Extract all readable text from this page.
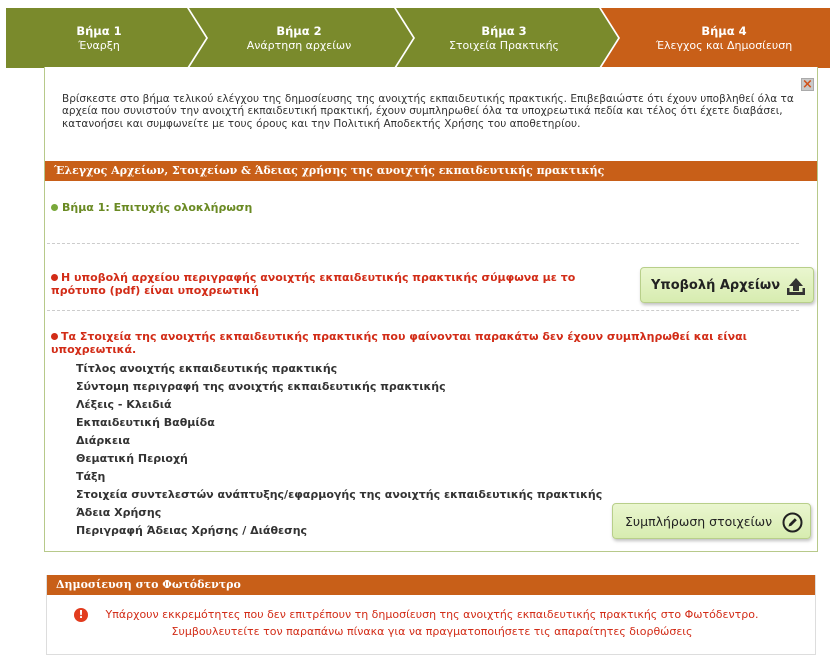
Βήμα 1
Έναρξη
Βήμα 2
Ανάρτηση αρχείων
Βήμα 3
Στοιχεία Πρακτικής
Βήμα 4
Έλεγχος και Δημοσίευση
×

Βρίσκεστε στο βήμα τελικού ελέγχου της δημοσίευσης της ανοιχτής εκπαιδευτικής πρακτικής. Επιβεβαιώστε ότι έχουν υποβληθεί όλα τα αρχεία που συνιστούν την ανοιχτή εκπαιδευτική πρακτική, έχουν συμπληρωθεί όλα τα υποχρεωτικά πεδία και τέλος ότι έχετε διαβάσει, κατανοήσει και συμφωνείτε με τους όρους και την Πολιτική Αποδεκτής Χρήσης του αποθετηρίου.

Έλεγχος Αρχείων, Στοιχείων & Άδειας χρήσης της ανοιχτής εκπαιδευτικής πρακτικής
Βήμα 1: Επιτυχής ολοκλήρωση
Η υποβολή αρχείου περιγραφής ανοιχτής εκπαιδευτικής πρακτικής σύμφωνα με το πρότυπο (pdf) είναι υποχρεωτική	Υποβολή Αρχείων
Τα Στοιχεία της ανοιχτής εκπαιδευτικής πρακτικής που φαίνονται παρακάτω δεν έχουν συμπληρωθεί και είναι υποχρεωτικά.
Τίτλος ανοιχτής εκπαιδευτικής πρακτικής
Σύντομη περιγραφή της ανοιχτής εκπαιδευτικής πρακτικής
Λέξεις - Κλειδιά
Εκπαιδευτική Βαθμίδα
Διάρκεια
Θεματική Περιοχή
Τάξη
Στοιχεία συντελεστών ανάπτυξης/εφαρμογής της ανοιχτής εκπαιδευτικής πρακτικής
Άδεια Χρήσης
Περιγραφή Άδειας Χρήσης / Διάθεσης
Συμπλήρωση στοιχείων
Δημοσίευση στο Φωτόδεντρο
!	Υπάρχουν εκκρεμότητες που δεν επιτρέπουν τη δημοσίευση της ανοιχτής εκπαιδευτικής πρακτικής στο Φωτόδεντρο.
Συμβουλευτείτε τον παραπάνω πίνακα για να πραγματοποιήσετε τις απαραίτητες διορθώσεις
